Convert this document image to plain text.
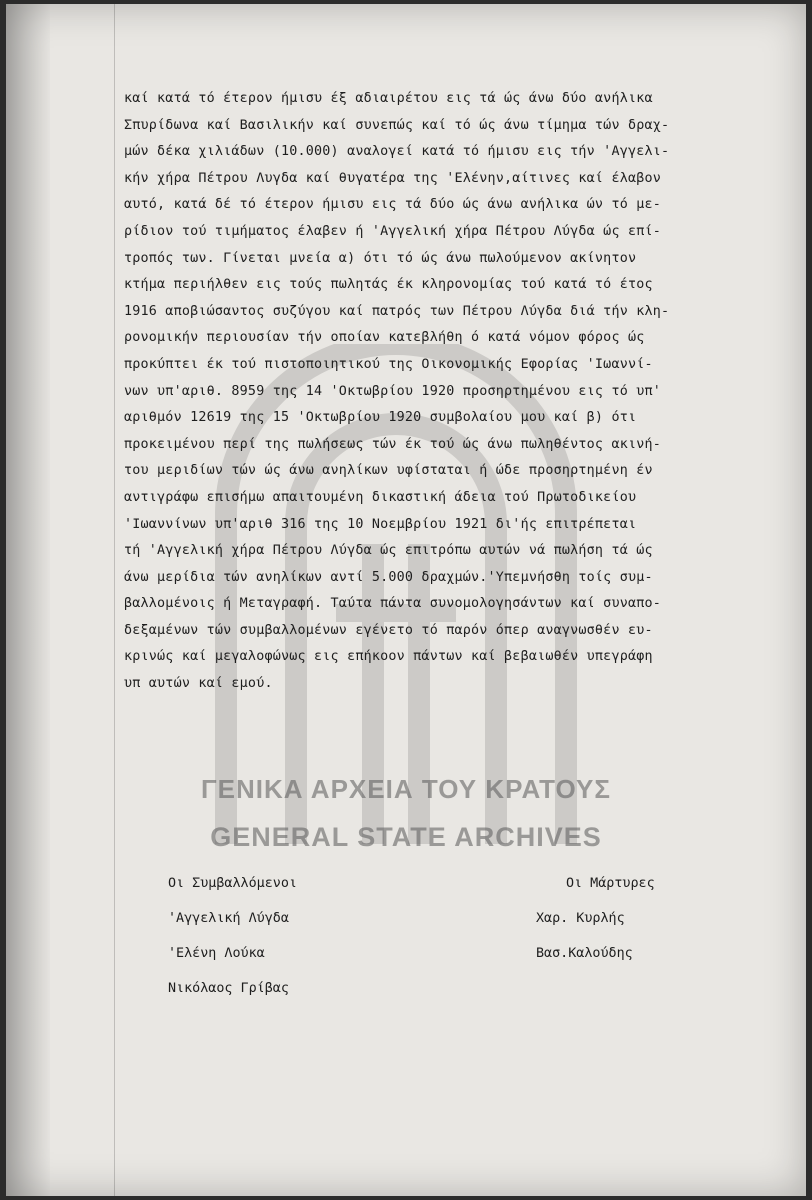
ΓΕΝΙΚΑ ΑΡΧΕΙΑ ΤΟΥ ΚΡΑΤΟΥΣ
GENERAL STATE ARCHIVES
καί κατά τό έτερον ήμισυ έξ αδιαιρέτου εις τά ώς άνω δύο ανήλικα
Σπυρίδωνα καί Βασιλικήν καί συνεπώς καί τό ώς άνω τίμημα τών δραχ-
μών δέκα χιλιάδων (10.000) αναλογεί κατά τό ήμισυ εις τήν 'Αγγελι-
κήν χήρα Πέτρου Λυγδα καί θυγατέρα της 'Ελένην,αίτινες καί έλαβον
αυτό, κατά δέ τό έτερον ήμισυ εις τά δύο ώς άνω ανήλικα ών τό με-
ρίδιον τού τιμήματος έλαβεν ή 'Αγγελική χήρα Πέτρου Λύγδα ώς επί-
τροπός των. Γίνεται μνεία α) ότι τό ώς άνω πωλούμενον ακίνητον
κτήμα περιήλθεν εις τούς πωλητάς έκ κληρονομίας τού κατά τό έτος
1916 αποβιώσαντος συζύγου καί πατρός των Πέτρου Λύγδα διά τήν κλη-
ρονομικήν περιουσίαν τήν οποίαν κατεβλήθη ό κατά νόμον φόρος ώς
προκύπτει έκ τού πιστοποιητικού της Οικονομικής Εφορίας 'Ιωαννί-
νων υπ'αριθ. 8959 της 14 'Οκτωβρίου 1920 προσηρτημένου εις τό υπ'
αριθμόν 12619 της 15 'Οκτωβρίου 1920 συμβολαίου μου καί β) ότι
προκειμένου περί της πωλήσεως τών έκ τού ώς άνω πωληθέντος ακινή-
του μεριδίων τών ώς άνω ανηλίκων υφίσταται ή ώδε προσηρτημένη έν
αντιγράφω επισήμω απαιτουμένη δικαστική άδεια τού Πρωτοδικείου
'Ιωαννίνων υπ'αριθ 316 της 10 Νοεμβρίου 1921 δι'ής επιτρέπεται
τή 'Αγγελική χήρα Πέτρου Λύγδα ώς επιτρόπω αυτών νά πωλήση τά ώς
άνω μερίδια τών ανηλίκων αντί 5.000 δραχμών.'Υπεμνήσθη τοίς συμ-
βαλλομένοις ή Μεταγραφή. Ταύτα πάντα συνομολογησάντων καί συναπο-
δεξαμένων τών συμβαλλομένων εγένετο τό παρόν όπερ αναγνωσθέν ευ-
κρινώς καί μεγαλοφώνως εις επήκοον πάντων καί βεβαιωθέν υπεγράφη
υπ αυτών καί εμού.
Οι Συμβαλλόμενοι
'Αγγελική Λύγδα
'Ελένη Λούκα
Νικόλαος Γρίβας
Οι Μάρτυρες
Χαρ. Κυρλής
Βασ.Καλούδης
